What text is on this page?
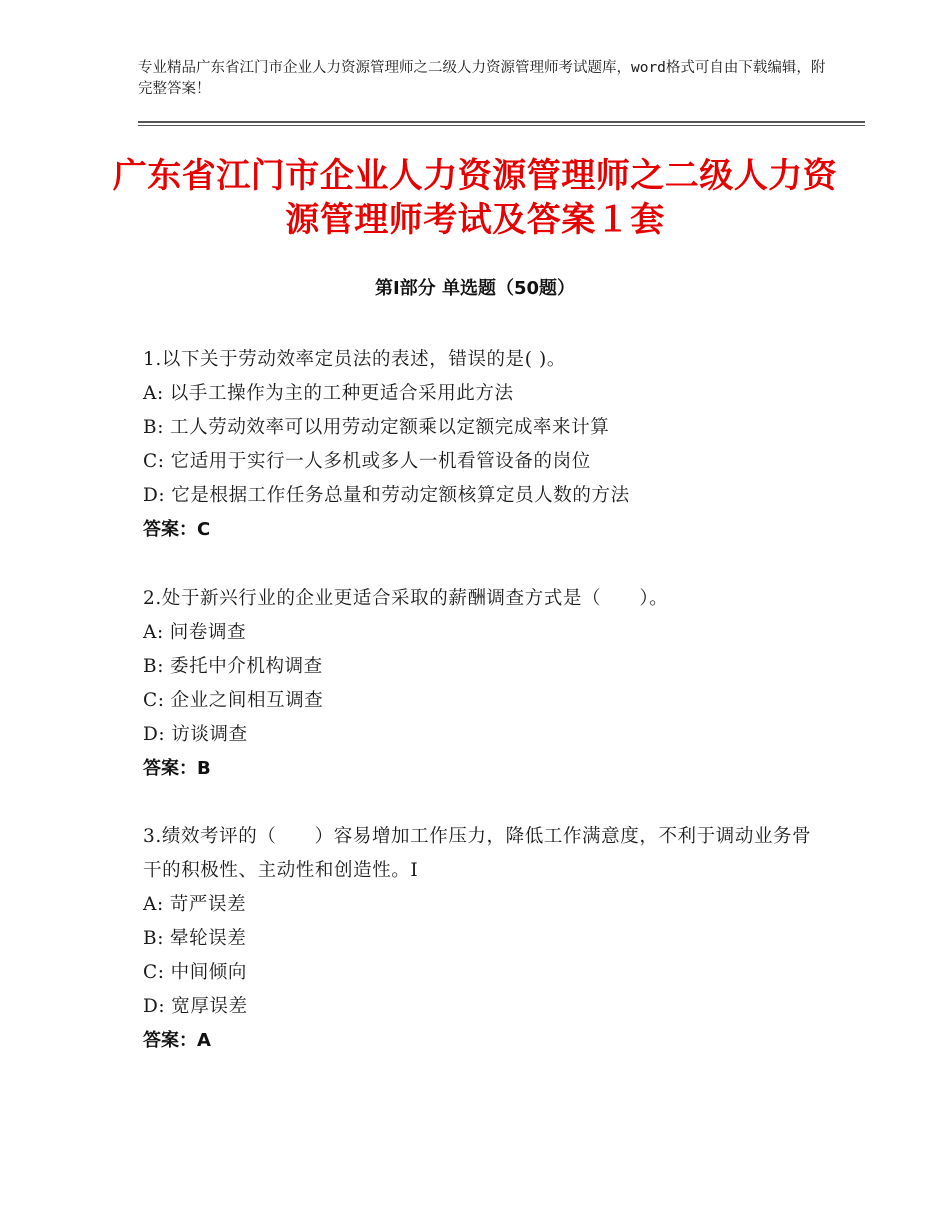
专业精品广东省江门市企业人力资源管理师之二级人力资源管理师考试题库，word格式可自由下载编辑，附完整答案！
广东省江门市企业人力资源管理师之二级人力资源管理师考试及答案１套
第Ⅰ部分 单选题（50题）
1.以下关于劳动效率定员法的表述，错误的是( )。
A: 以手工操作为主的工种更适合采用此方法
B: 工人劳动效率可以用劳动定额乘以定额完成率来计算
C: 它适用于实行一人多机或多人一机看管设备的岗位
D: 它是根据工作任务总量和劳动定额核算定员人数的方法
答案：C
2.处于新兴行业的企业更适合采取的薪酬调查方式是（　　）。
A: 问卷调查
B: 委托中介机构调查
C: 企业之间相互调查
D: 访谈调查
答案：B
3.绩效考评的（　　）容易增加工作压力，降低工作满意度，不利于调动业务骨干的积极性、主动性和创造性。I
A: 苛严误差
B: 晕轮误差
C: 中间倾向
D: 宽厚误差
答案：A
